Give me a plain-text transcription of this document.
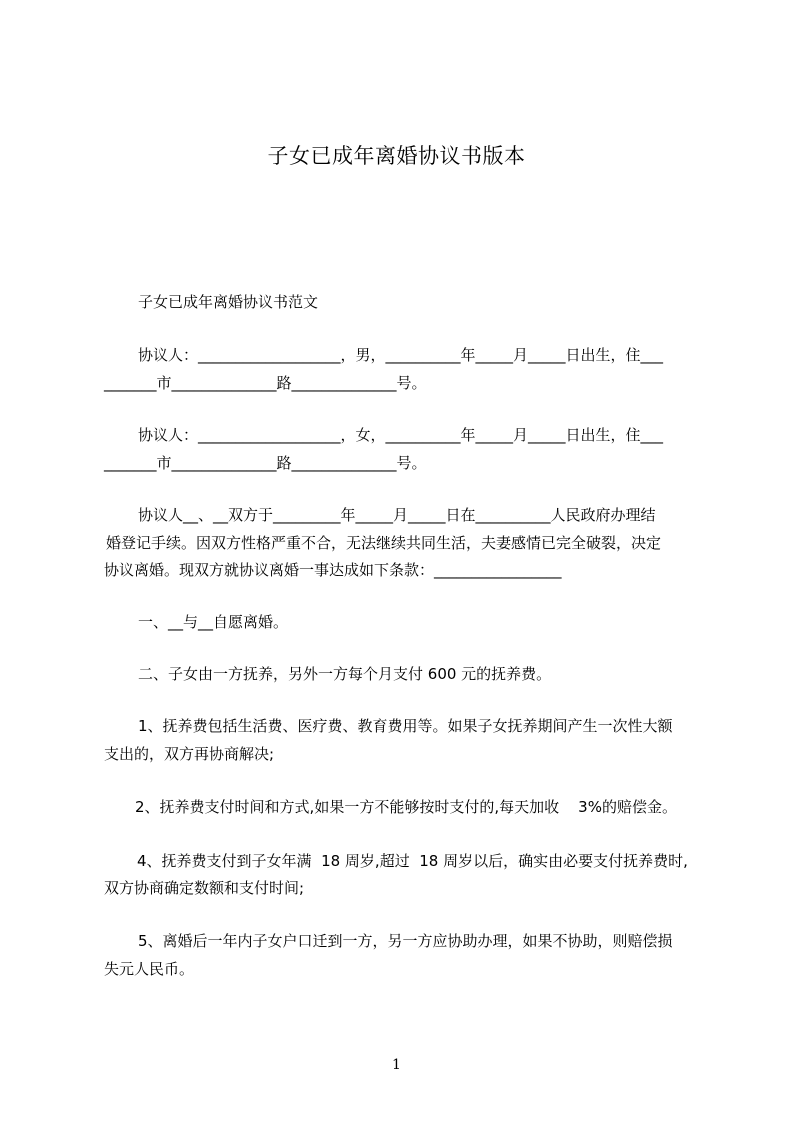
子女已成年离婚协议书版本

子女已成年离婚协议书范文

协议人：___________________，男，__________年_____月_____日出生，住___

_______市______________路______________号。

协议人：___________________，女，__________年_____月_____日出生，住___

_______市______________路______________号。

协议人__、__双方于_________年_____月_____日在__________人民政府办理结

婚登记手续。因双方性格严重不合，无法继续共同生活，夫妻感情已完全破裂，决定

协议离婚。现双方就协议离婚一事达成如下条款：_________________

一、__与__自愿离婚。

二、子女由一方抚养，另外一方每个月支付 600 元的抚养费。

1、抚养费包括生活费、医疗费、教育费用等。如果子女抚养期间产生一次性大额

支出的，双方再协商解决;

2、抚养费支付时间和方式,如果一方不能够按时支付的,每天加收    3%的赔偿金。

4、抚养费支付到子女年满  18 周岁,超过  18 周岁以后，确实由必要支付抚养费时,

双方协商确定数额和支付时间;

5、离婚后一年内子女户口迁到一方，另一方应协助办理，如果不协助，则赔偿损

失元人民币。

1
